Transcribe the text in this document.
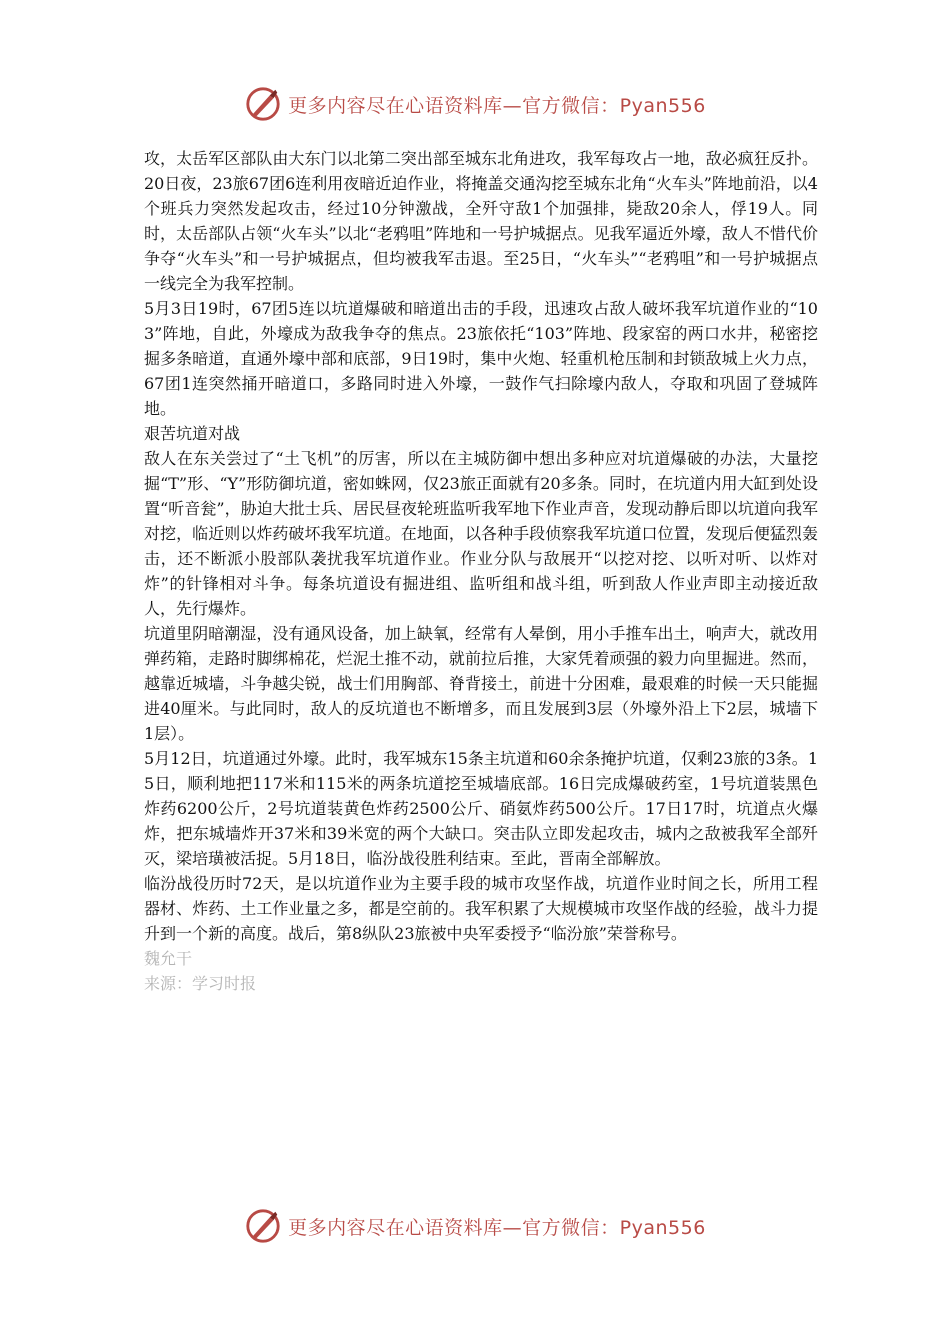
更多内容尽在心语资料库—官方微信：Pyan556

攻，太岳军区部队由大东门以北第二突出部至城东北角进攻，我军每攻占一地，敌必疯狂反扑。20日夜，23旅67团6连利用夜暗近迫作业，将掩盖交通沟挖至城东北角“火车头”阵地前沿，以4个班兵力突然发起攻击，经过10分钟激战，全歼守敌1个加强排，毙敌20余人，俘19人。同时，太岳部队占领“火车头”以北“老鸦咀”阵地和一号护城据点。见我军逼近外壕，敌人不惜代价争夺“火车头”和一号护城据点，但均被我军击退。至25日，“火车头”“老鸦咀”和一号护城据点一线完全为我军控制。

5月3日19时，67团5连以坑道爆破和暗道出击的手段，迅速攻占敌人破坏我军坑道作业的“103”阵地，自此，外壕成为敌我争夺的焦点。23旅依托“103”阵地、段家窑的两口水井，秘密挖掘多条暗道，直通外壕中部和底部，9日19时，集中火炮、轻重机枪压制和封锁敌城上火力点，67团1连突然捅开暗道口，多路同时进入外壕，一鼓作气扫除壕内敌人，夺取和巩固了登城阵地。

艰苦坑道对战

敌人在东关尝过了“土飞机”的厉害，所以在主城防御中想出多种应对坑道爆破的办法，大量挖掘“T”形、“Y”形防御坑道，密如蛛网，仅23旅正面就有20多条。同时，在坑道内用大缸到处设置“听音瓮”，胁迫大批士兵、居民昼夜轮班监听我军地下作业声音，发现动静后即以坑道向我军对挖，临近则以炸药破坏我军坑道。在地面，以各种手段侦察我军坑道口位置，发现后便猛烈轰击，还不断派小股部队袭扰我军坑道作业。作业分队与敌展开“以挖对挖、以听对听、以炸对炸”的针锋相对斗争。每条坑道设有掘进组、监听组和战斗组，听到敌人作业声即主动接近敌人，先行爆炸。

坑道里阴暗潮湿，没有通风设备，加上缺氧，经常有人晕倒，用小手推车出土，响声大，就改用弹药箱，走路时脚绑棉花，烂泥土推不动，就前拉后推，大家凭着顽强的毅力向里掘进。然而，越靠近城墙，斗争越尖锐，战士们用胸部、脊背接土，前进十分困难，最艰难的时候一天只能掘进40厘米。与此同时，敌人的反坑道也不断增多，而且发展到3层（外壕外沿上下2层，城墙下1层）。

5月12日，坑道通过外壕。此时，我军城东15条主坑道和60余条掩护坑道，仅剩23旅的3条。15日，顺利地把117米和115米的两条坑道挖至城墙底部。16日完成爆破药室，1号坑道装黑色炸药6200公斤，2号坑道装黄色炸药2500公斤、硝氨炸药500公斤。17日17时，坑道点火爆炸，把东城墙炸开37米和39米宽的两个大缺口。突击队立即发起攻击，城内之敌被我军全部歼灭，梁培璜被活捉。5月18日，临汾战役胜利结束。至此，晋南全部解放。

临汾战役历时72天，是以坑道作业为主要手段的城市攻坚作战，坑道作业时间之长，所用工程器材、炸药、土工作业量之多，都是空前的。我军积累了大规模城市攻坚作战的经验，战斗力提升到一个新的高度。战后，第8纵队23旅被中央军委授予“临汾旅”荣誉称号。

魏允干

来源：学习时报

更多内容尽在心语资料库—官方微信：Pyan556
